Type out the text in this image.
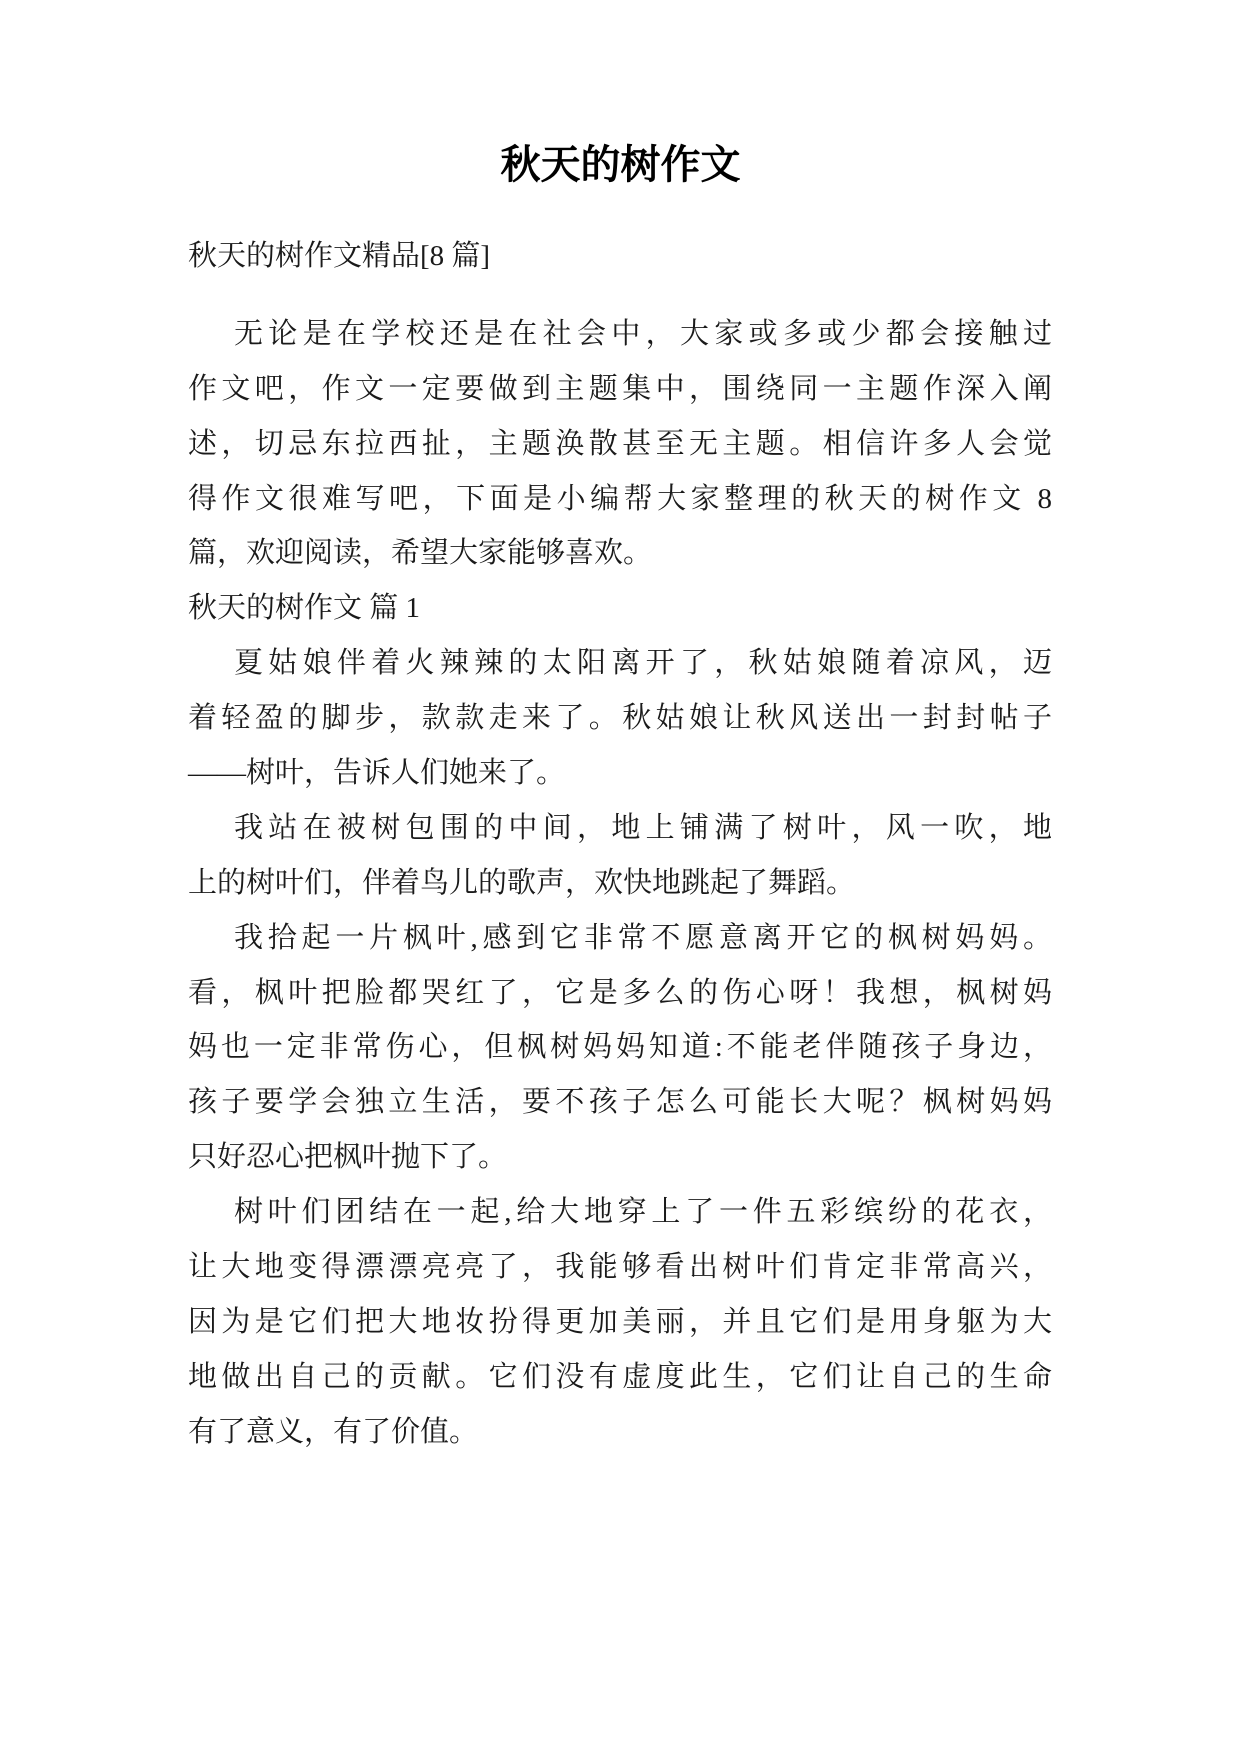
秋天的树作文
秋天的树作文精品[8 篇]
无论是在学校还是在社会中，大家或多或少都会接触过
作文吧，作文一定要做到主题集中，围绕同一主题作深入阐
述，切忌东拉西扯，主题涣散甚至无主题。相信许多人会觉
得作文很难写吧，下面是小编帮大家整理的秋天的树作文 8
篇，欢迎阅读，希望大家能够喜欢。
秋天的树作文 篇 1
夏姑娘伴着火辣辣的太阳离开了，秋姑娘随着凉风，迈
着轻盈的脚步，款款走来了。秋姑娘让秋风送出一封封帖子
——树叶，告诉人们她来了。
我站在被树包围的中间，地上铺满了树叶，风一吹，地
上的树叶们，伴着鸟儿的歌声，欢快地跳起了舞蹈。
我拾起一片枫叶,感到它非常不愿意离开它的枫树妈妈。
看，枫叶把脸都哭红了，它是多么的伤心呀！我想，枫树妈
妈也一定非常伤心，但枫树妈妈知道:不能老伴随孩子身边，
孩子要学会独立生活，要不孩子怎么可能长大呢？枫树妈妈
只好忍心把枫叶抛下了。
树叶们团结在一起,给大地穿上了一件五彩缤纷的花衣，
让大地变得漂漂亮亮了，我能够看出树叶们肯定非常高兴，
因为是它们把大地妆扮得更加美丽，并且它们是用身躯为大
地做出自己的贡献。它们没有虚度此生，它们让自己的生命
有了意义，有了价值。
